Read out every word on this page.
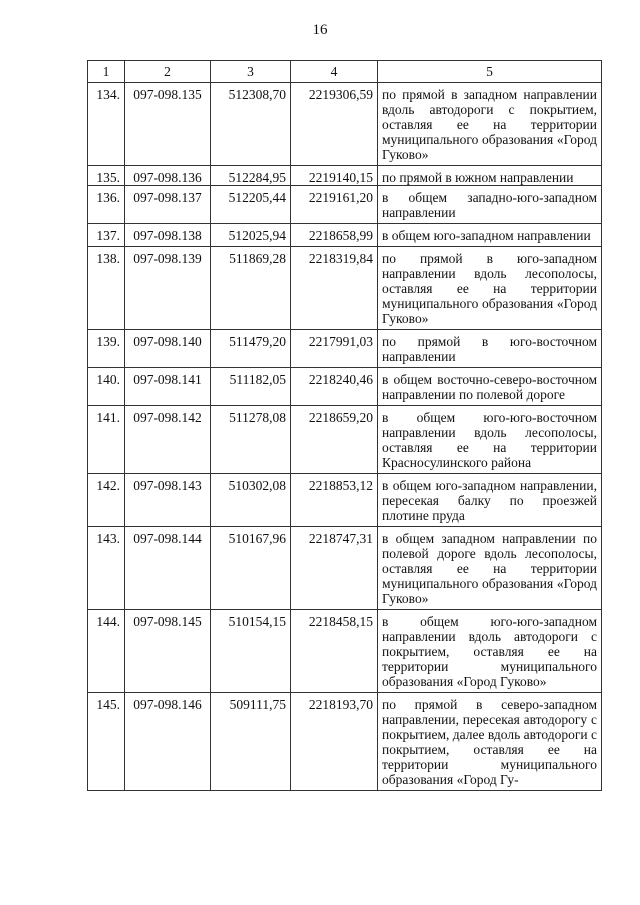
16
1	2	3	4	5
134.	097-098.135	512308,70	2219306,59	по прямой в западном направлении вдоль автодороги с покрытием, оставляя ее на территории муниципального образования «Город Гуково»
135.	097-098.136	512284,95	2219140,15	по прямой в южном направлении
136.	097-098.137	512205,44	2219161,20	в общем западно-юго-западном направлении
137.	097-098.138	512025,94	2218658,99	в общем юго-западном направлении
138.	097-098.139	511869,28	2218319,84	по прямой в юго-западном направлении вдоль лесополосы, оставляя ее на территории муниципального образования «Город Гуково»
139.	097-098.140	511479,20	2217991,03	по прямой в юго-восточном направлении
140.	097-098.141	511182,05	2218240,46	в общем восточно-северо-восточном направлении по полевой дороге
141.	097-098.142	511278,08	2218659,20	в общем юго-юго-восточном направлении вдоль лесополосы, оставляя ее на территории Красносулинского района
142.	097-098.143	510302,08	2218853,12	в общем юго-западном направлении, пересекая балку по проезжей плотине пруда
143.	097-098.144	510167,96	2218747,31	в общем западном направлении по полевой дороге вдоль лесополосы, оставляя ее на территории муниципального образования «Город Гуково»
144.	097-098.145	510154,15	2218458,15	в общем юго-юго-западном направлении вдоль автодороги с покрытием, оставляя ее на территории муниципального образования «Город Гуково»
145.	097-098.146	509111,75	2218193,70	по прямой в северо-западном направлении, пересекая автодорогу с покрытием, далее вдоль автодороги с покрытием, оставляя ее на территории муниципального образования «Город Гу-
